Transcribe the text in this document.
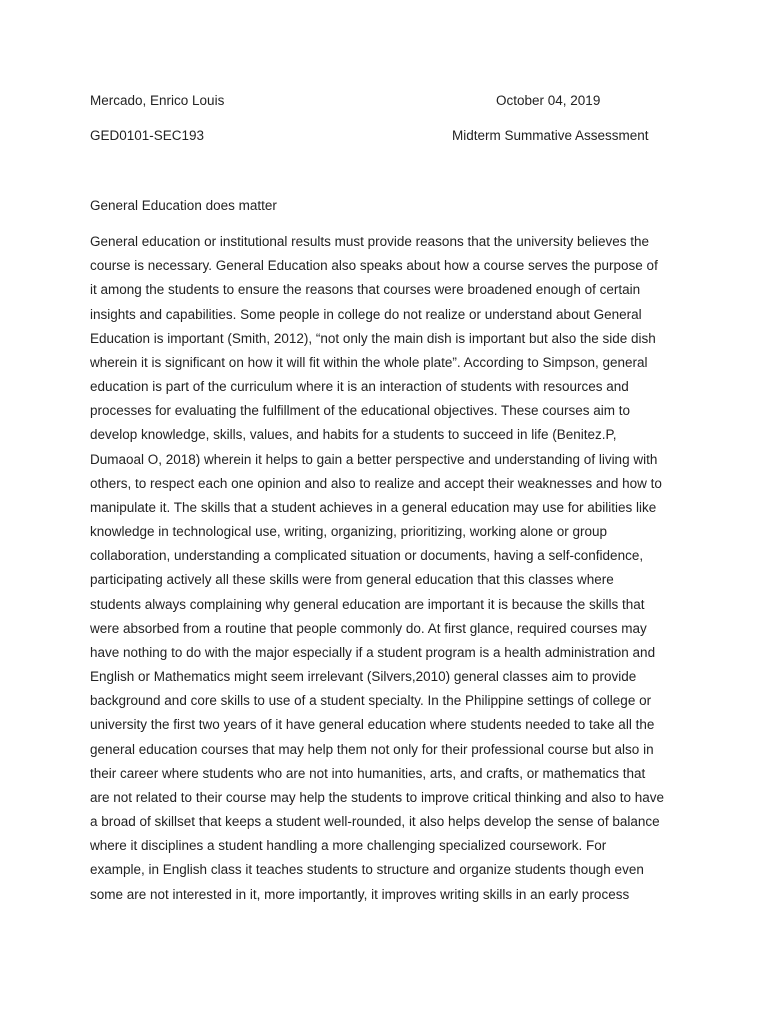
Mercado, Enrico Louis	October 04, 2019
GED0101-SEC193	Midterm Summative Assessment
General Education does matter
General education or institutional results must provide reasons that the university believes the
course is necessary. General Education also speaks about how a course serves the purpose of
it among the students to ensure the reasons that courses were broadened enough of certain
insights and capabilities. Some people in college do not realize or understand about General
Education is important (Smith, 2012), “not only the main dish is important but also the side dish
wherein it is significant on how it will fit within the whole plate”. According to Simpson, general
education is part of the curriculum where it is an interaction of students with resources and
processes for evaluating the fulfillment of the educational objectives. These courses aim to
develop knowledge, skills, values, and habits for a students to succeed in life (Benitez.P,
Dumaoal O, 2018) wherein it helps to gain a better perspective and understanding of living with
others, to respect each one opinion and also to realize and accept their weaknesses and how to
manipulate it. The skills that a student achieves in a general education may use for abilities like
knowledge in technological use, writing, organizing, prioritizing, working alone or group
collaboration, understanding a complicated situation or documents, having a self-confidence,
participating actively all these skills were from general education that this classes where
students always complaining why general education are important it is because the skills that
were absorbed from a routine that people commonly do. At first glance, required courses may
have nothing to do with the major especially if a student program is a health administration and
English or Mathematics might seem irrelevant (Silvers,2010) general classes aim to provide
background and core skills to use of a student specialty. In the Philippine settings of college or
university the first two years of it have general education where students needed to take all the
general education courses that may help them not only for their professional course but also in
their career where students who are not into humanities, arts, and crafts, or mathematics that
are not related to their course may help the students to improve critical thinking and also to have
a broad of skillset that keeps a student well-rounded, it also helps develop the sense of balance
where it disciplines a student handling a more challenging specialized coursework. For
example, in English class it teaches students to structure and organize students though even
some are not interested in it, more importantly, it improves writing skills in an early process
